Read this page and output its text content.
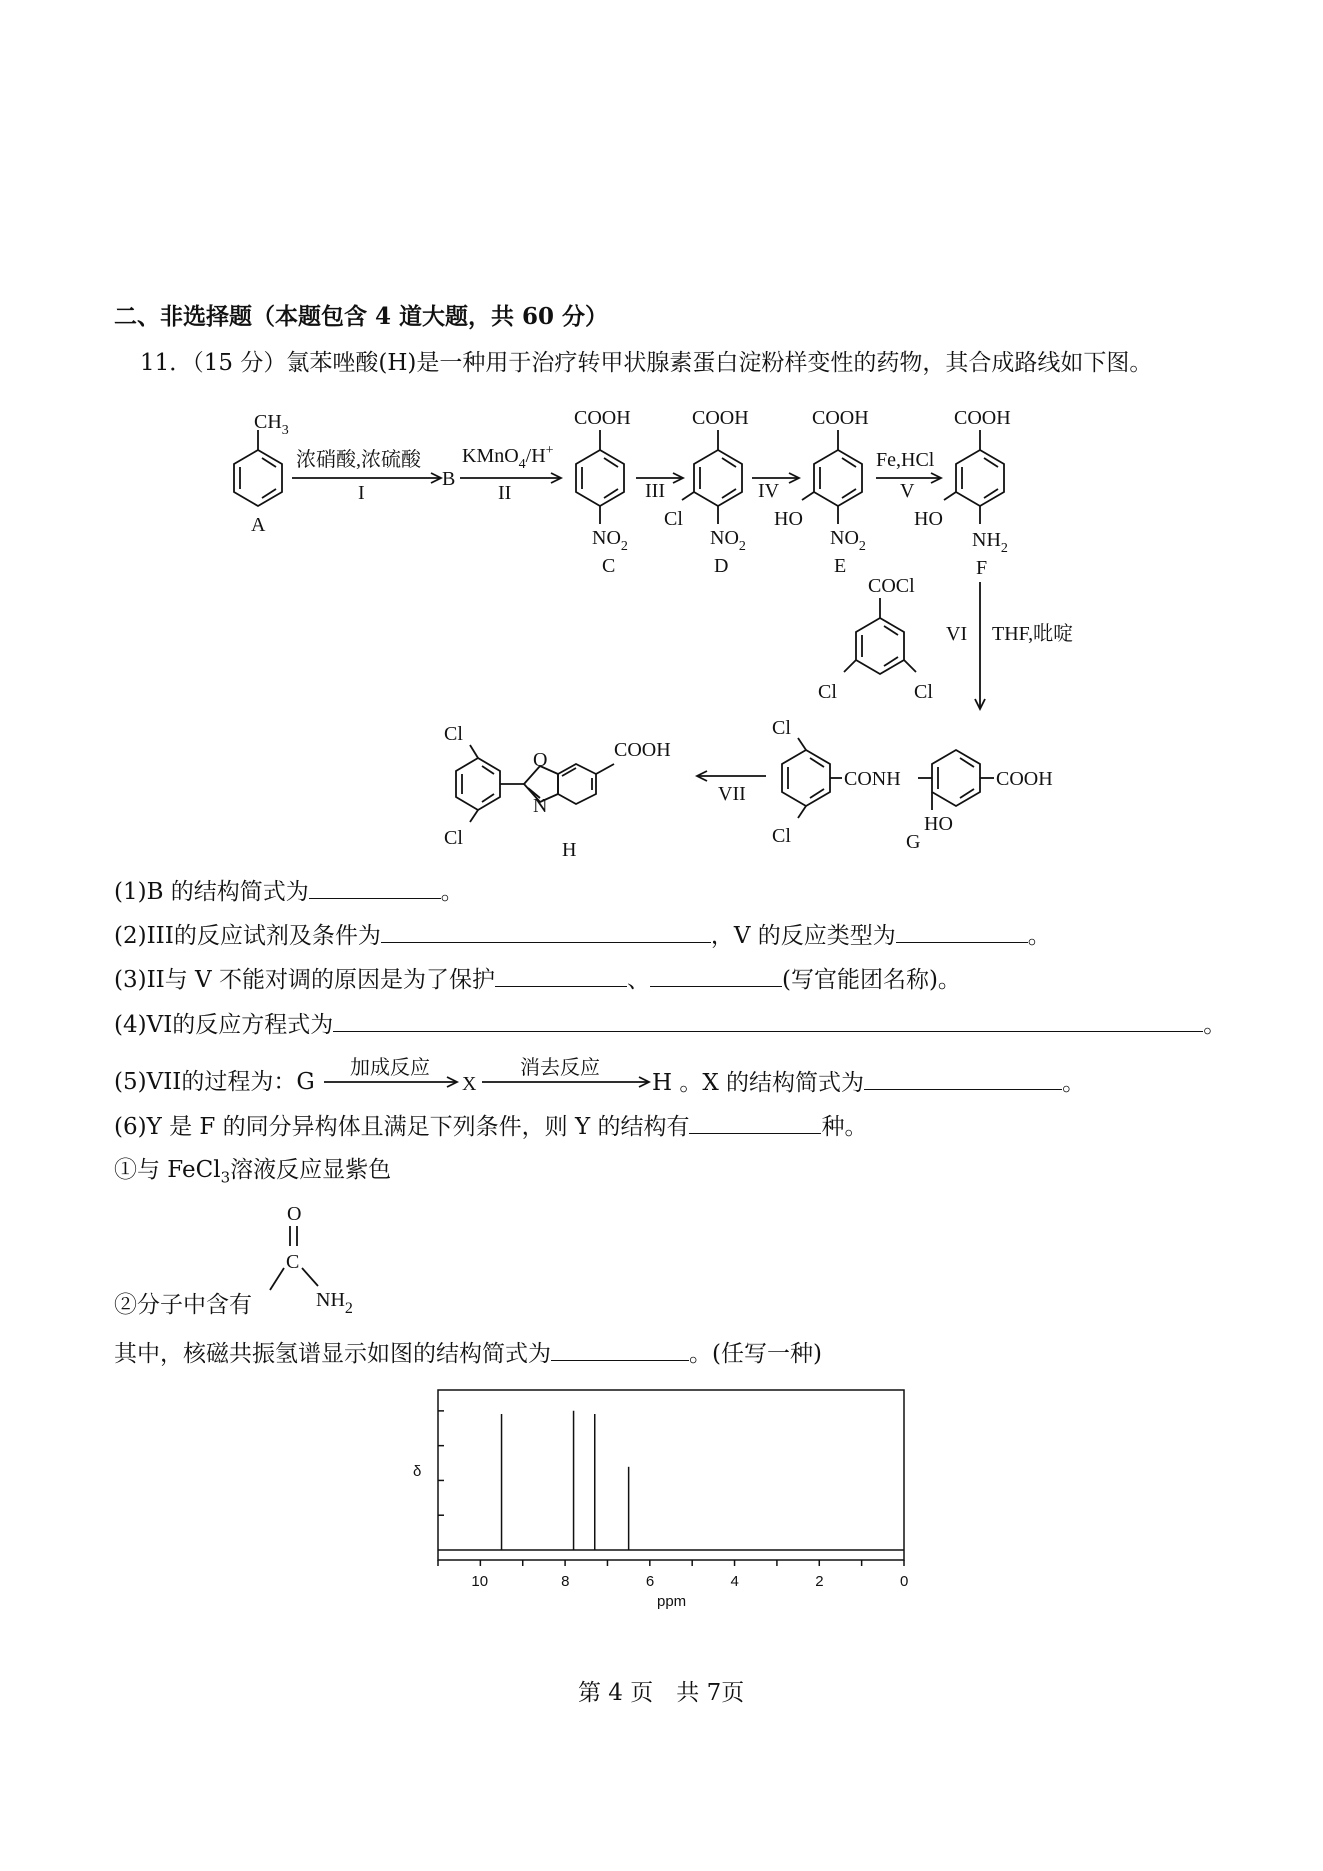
二、非选择题（本题包含 4 道大题，共 60 分）
11．（15 分）氯苯唑酸(H)是一种用于治疗转甲状腺素蛋白淀粉样变性的药物，其合成路线如下图。
$CH_3$
A
浓硝酸,浓硫酸
I
B
KMnO$_4$/H+
II
COOH
$NO_2$
C
III
COOH
Cl
$NO_2$
D
IV
COOH
HO
$NO_2$
E
Fe,HCl
V
COOH
HO
$NH_2$
F
COCl
Cl	Cl
VI THF,吡啶
Cl
Cl
O
N
COOH
H
VII
Cl
Cl
CONH	COOH
HO
G
(1)B 的结构简式为	。
(2)III的反应试剂及条件为	，V 的反应类型为	。
(3)II与 V 不能对调的原因是为了保护	、	(写官能团名称)。
(4)VI的反应方程式为	。
(5)VII的过程为：G
加成反应
X
消去反应
H 。X 的结构简式为	。
(6)Y 是 F 的同分异构体且满足下列条件，则 Y 的结构有	种。
①与 FeCl$_3$溶液反应显紫色
②分子中含有
O
C
$NH_2$
其中，核磁共振氢谱显示如图的结构简式为	。(任写一种)
δ
ppm
10	8	6	4	2	0
第 4 页　共 7页
